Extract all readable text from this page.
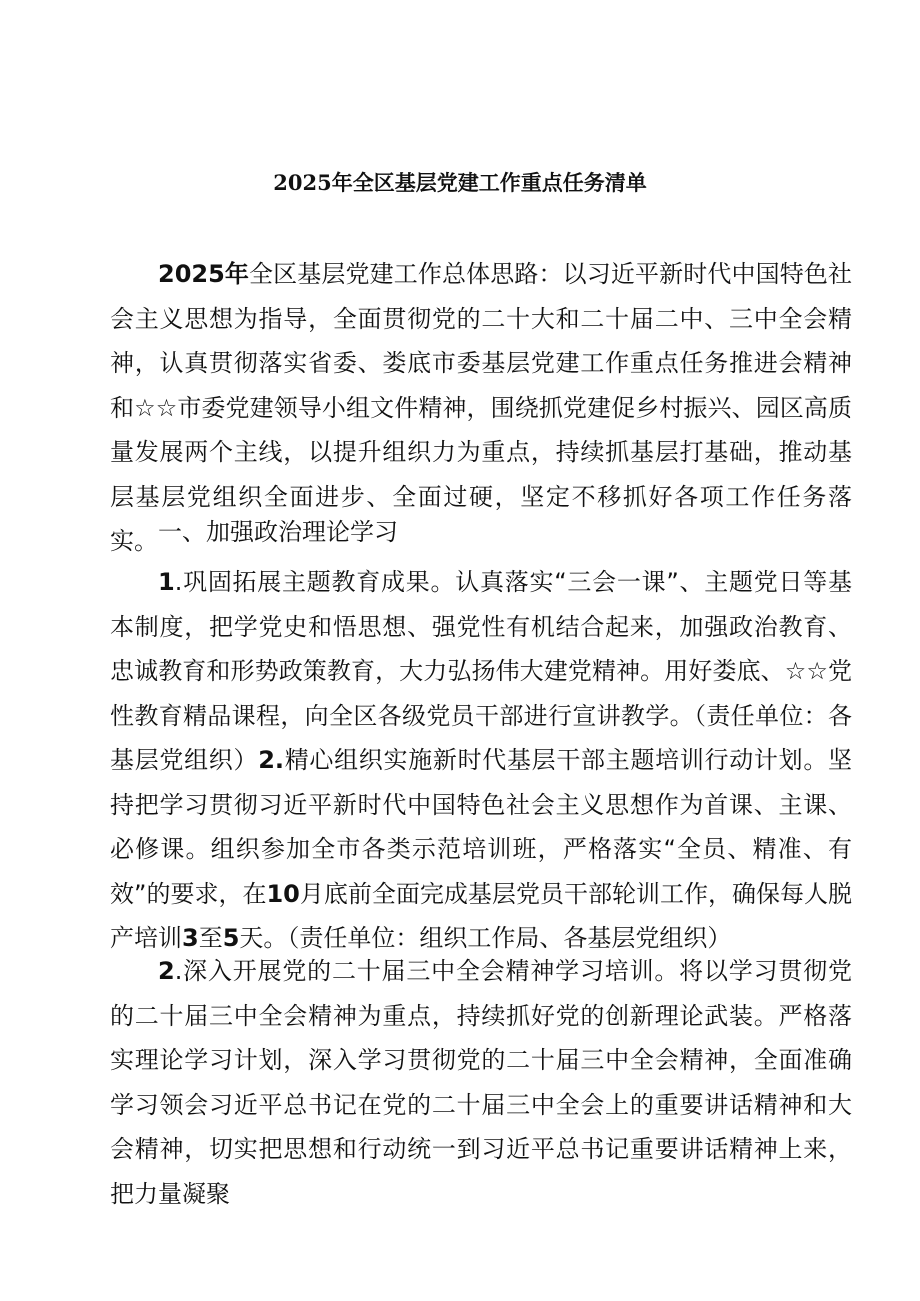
2025年全区基层党建工作重点任务清单

2025年全区基层党建工作总体思路：以习近平新时代中国特色社会主义思想为指导，全面贯彻党的二十大和二十届二中、三中全会精神，认真贯彻落实省委、娄底市委基层党建工作重点任务推进会精神和☆☆市委党建领导小组文件精神，围绕抓党建促乡村振兴、园区高质量发展两个主线，以提升组织力为重点，持续抓基层打基础，推动基层基层党组织全面进步、全面过硬，坚定不移抓好各项工作任务落实。 一、加强政治理论学习

1.巩固拓展主题教育成果。认真落实“三会一课”、主题党日等基本制度，把学党史和悟思想、强党性有机结合起来，加强政治教育、忠诚教育和形势政策教育，大力弘扬伟大建党精神。用好娄底、☆☆党性教育精品课程，向全区各级党员干部进行宣讲教学。（责任单位：各基层党组织）2.精心组织实施新时代基层干部主题培训行动计划。坚持把学习贯彻习近平新时代中国特色社会主义思想作为首课、主课、必修课。组织参加全市各类示范培训班，严格落实“全员、精准、有效”的要求，在10月底前全面完成基层党员干部轮训工作，确保每人脱产培训3至5天。（责任单位：组织工作局、各基层党组织）

2.深入开展党的二十届三中全会精神学习培训。将以学习贯彻党的二十届三中全会精神为重点，持续抓好党的创新理论武装。严格落实理论学习计划，深入学习贯彻党的二十届三中全会精神，全面准确学习领会习近平总书记在党的二十届三中全会上的重要讲话精神和大会精神，切实把思想和行动统一到习近平总书记重要讲话精神上来，把力量凝聚
